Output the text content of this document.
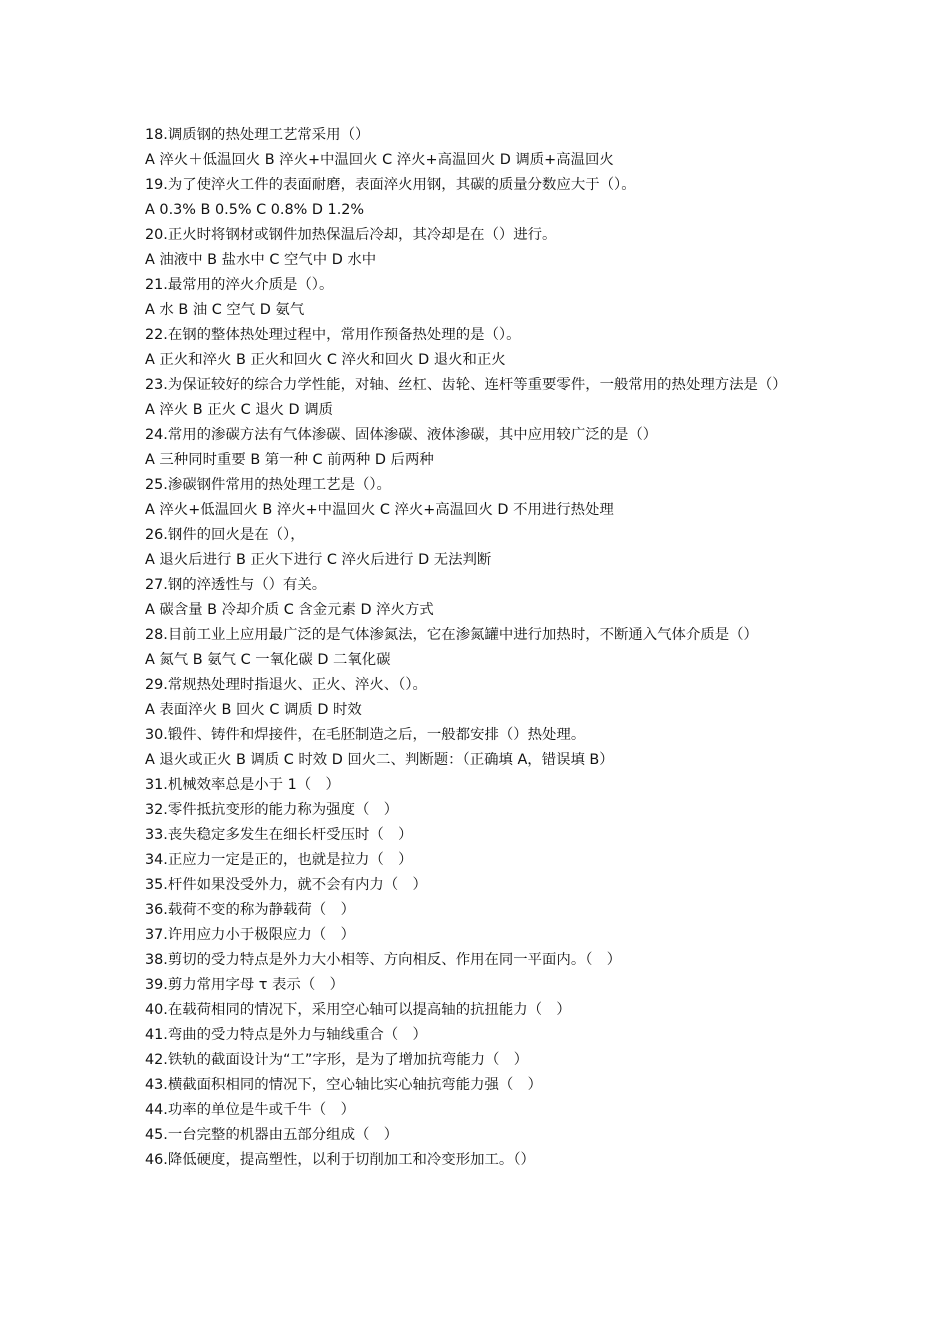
18.调质钢的热处理工艺常采用（）

A 淬火＋低温回火 B 淬火+中温回火 C 淬火+高温回火 D 调质+高温回火

19.为了使淬火工件的表面耐磨，表面淬火用钢，其碳的质量分数应大于（）。

A 0.3% B 0.5% C 0.8% D 1.2%

20.正火时将钢材或钢件加热保温后冷却，其冷却是在（）进行。

A 油液中 B 盐水中 C 空气中 D 水中

21.最常用的淬火介质是（）。

A 水 B 油 C 空气 D 氨气

22.在钢的整体热处理过程中，常用作预备热处理的是（）。

A 正火和淬火 B 正火和回火 C 淬火和回火 D 退火和正火

23.为保证较好的综合力学性能，对轴、丝杠、齿轮、连杆等重要零件，一般常用的热处理方法是（）

A 淬火 B 正火 C 退火 D 调质

24.常用的渗碳方法有气体渗碳、固体渗碳、液体渗碳，其中应用较广泛的是（）

A 三种同时重要 B 第一种 C 前两种 D 后两种

25.渗碳钢件常用的热处理工艺是（）。

A 淬火+低温回火 B 淬火+中温回火 C 淬火+高温回火 D 不用进行热处理

26.钢件的回火是在（），

A 退火后进行 B 正火下进行 C 淬火后进行 D 无法判断

27.钢的淬透性与（）有关。

A 碳含量 B 冷却介质 C 含金元素 D 淬火方式

28.目前工业上应用最广泛的是气体渗氮法，它在渗氮罐中进行加热时，不断通入气体介质是（）

A 氮气 B 氨气 C 一氧化碳 D 二氧化碳

29.常规热处理时指退火、正火、淬火、（）。

A 表面淬火 B 回火 C 调质 D 时效

30.锻件、铸件和焊接件，在毛胚制造之后，一般都安排（）热处理。

A 退火或正火 B 调质 C 时效 D 回火二、判断题：（正确填 A，错误填 B）

31.机械效率总是小于 1（　）

32.零件抵抗变形的能力称为强度（　）

33.丧失稳定多发生在细长杆受压时（　）

34.正应力一定是正的，也就是拉力（　）

35.杆件如果没受外力，就不会有内力（　）

36.载荷不变的称为静载荷（　）

37.许用应力小于极限应力（　）

38.剪切的受力特点是外力大小相等、方向相反、作用在同一平面内。（　）

39.剪力常用字母 τ 表示（　）

40.在载荷相同的情况下，采用空心轴可以提高轴的抗扭能力（　）

41.弯曲的受力特点是外力与轴线重合（　）

42.铁轨的截面设计为“工”字形，是为了增加抗弯能力（　）

43.横截面积相同的情况下，空心轴比实心轴抗弯能力强（　）

44.功率的单位是牛或千牛（　）

45.一台完整的机器由五部分组成（　）

46.降低硬度，提高塑性，以利于切削加工和冷变形加工。（）
